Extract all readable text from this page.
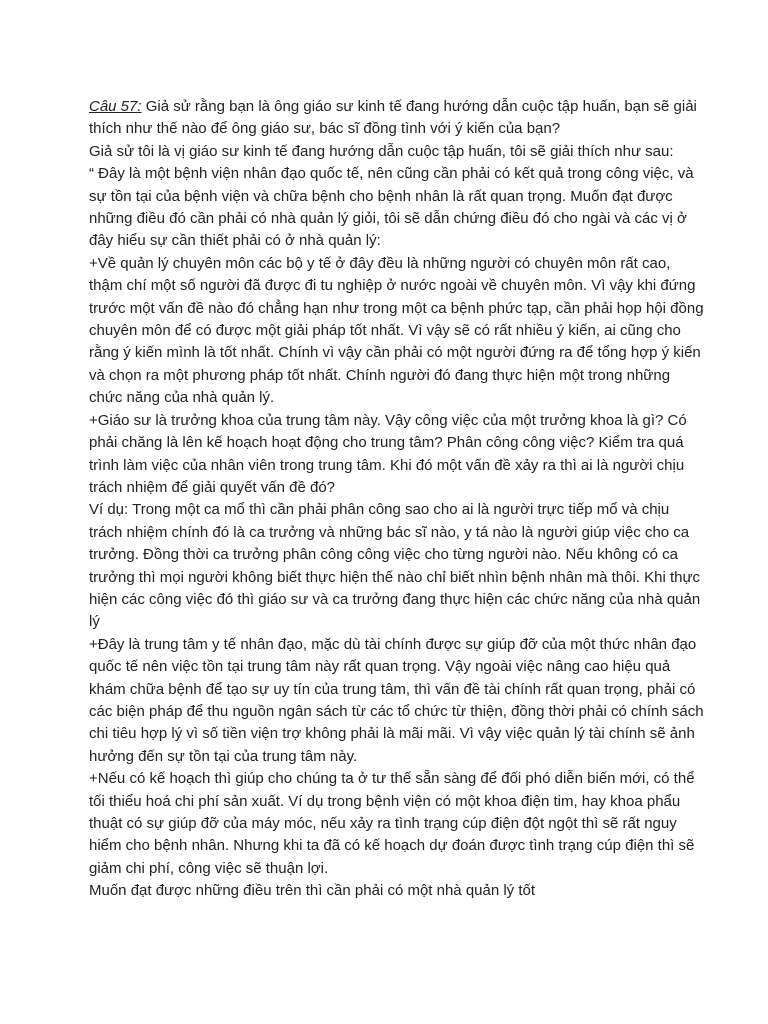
Câu 57: Giả sử rằng bạn là ông giáo sư kinh tế đang hướng dẫn cuộc tập huấn, bạn sẽ giải thích như thế nào để ông giáo sư, bác sĩ đồng tình với ý kiến của bạn?

Giả sử tôi là vị giáo sư kinh tế đang hướng dẫn cuộc tập huấn, tôi sẽ giải thích như sau:

“ Đây là một bệnh viện nhân đạo quốc tế, nên cũng cần phải có kết quả trong công việc, và sự tồn tại của bệnh viện và chữa bệnh cho bệnh nhân là rất quan trọng. Muốn đạt được những điều đó cần phải có nhà quản lý giỏi, tôi sẽ dẫn chứng điều đó cho ngài và các vị ở đây hiểu sự cần thiết phải có ở nhà quản lý:

+Về quản lý chuyên môn các bộ y tế ở đây đều là những người có chuyên môn rất cao, thậm chí một số người đã được đi tu nghiệp ở nước ngoài về chuyên môn. Vì vậy khi đứng trước một vấn đề nào đó chẳng hạn như trong một ca bệnh phức tạp, cần phải họp hội đồng chuyên môn để có được một giải pháp tốt nhất. Vì vậy sẽ có rất nhiều ý kiến, ai cũng cho rằng ý kiến mình là tốt nhất. Chính vì vậy cần phải có một người đứng ra để tổng hợp ý kiến và chọn ra một phương pháp tốt nhất. Chính người đó đang thực hiện một trong những chức năng của nhà quản lý.

+Giáo sư là trưởng khoa của trung tâm này. Vậy công việc của một trưởng khoa là gì? Có phải chăng là lên kế hoạch hoạt động cho trung tâm? Phân công công việc? Kiểm tra quá trình làm việc của nhân viên trong trung tâm. Khi đó một vấn đề xảy ra thì ai là người chịu trách nhiệm để giải quyết vấn đề đó?

Ví dụ: Trong một ca mổ thì cần phải phân công sao cho ai là người trực tiếp mổ và chịu trách nhiệm chính đó là ca trưởng và những bác sĩ nào, y tá nào là người giúp việc cho ca trưởng. Đồng thời ca trưởng phân công công việc cho từng người nào. Nếu không có ca trưởng thì mọi người không biết thực hiện thế nào chỉ biết nhìn bệnh nhân mà thôi. Khi thực hiện các công việc đó thì giáo sư và ca trưởng đang thực hiện các chức năng của nhà quản lý

+Đây là trung tâm y tế nhân đạo, mặc dù tài chính được sự giúp đỡ của một thức nhân đạo quốc tế nên việc tồn tại trung tâm này rất quan trọng. Vậy ngoài việc nâng cao hiệu quả khám chữa bệnh để tạo sự uy tín của trung tâm, thì vấn đề tài chính rất quan trọng, phải có các biện pháp để thu nguồn ngân sách từ các tổ chức từ thiện, đồng thời phải có chính sách chi tiêu hợp lý vì số tiền viện trợ không phải là mãi mãi. Vì vậy việc quản lý tài chính sẽ ảnh hưởng đến sự tồn tại của trung tâm này.

+Nếu có kế hoạch thì giúp cho chúng ta ở tư thế sẵn sàng để đối phó diễn biến mới, có thể tối thiểu hoá chi phí sản xuất. Ví dụ trong bệnh viện có một khoa điện tim, hay khoa phẩu thuật có sự giúp đỡ của máy móc, nếu xảy ra tình trạng cúp điện đột ngột thì sẽ rất nguy hiểm cho bệnh nhân. Nhưng khi ta đã có kế hoạch dự đoán được tình trạng cúp điện thì sẽ giảm chi phí, công việc sẽ thuận lợi.

Muốn đạt được những điều trên thì cần phải có một nhà quản lý tốt
